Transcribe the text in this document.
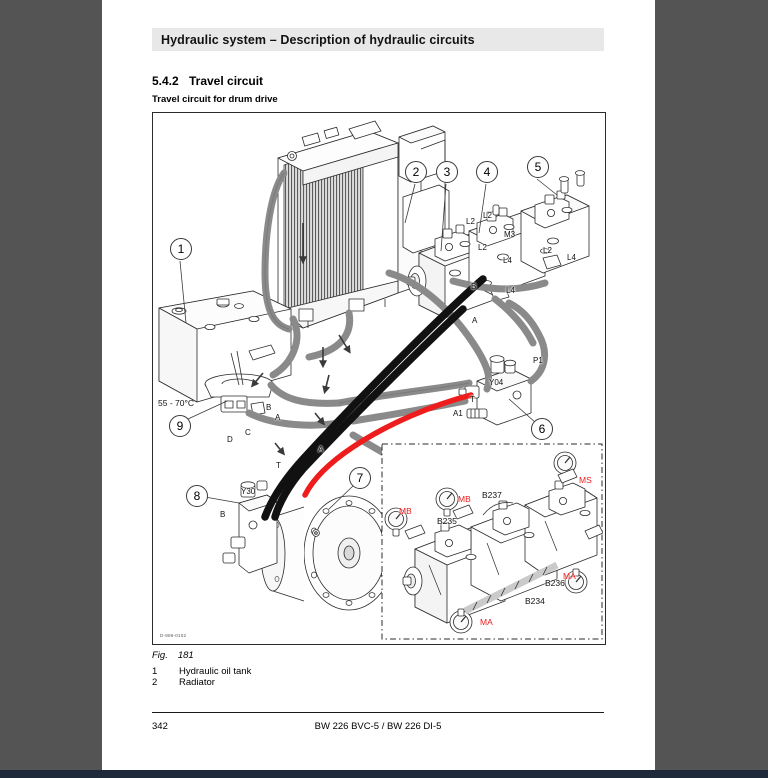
Hydraulic system – Description of hydraulic circuits
5.4.2 Travel circuit
Travel circuit for drum drive
1
2 3	4	5
6
7
8
9
L2
L2
L2	L2
M3
L4
L4
L4
B
A
P1
Y04
T
A1
B
A
C
D
A
T
Y30
B
55 - 70°C
B237
B235
B236
B234
MB
MB
MS
MA
MA
D-886-0102
Fig. 181
1 Hydraulic oil tank
2 Radiator
342	BW 226 BVC-5 / BW 226 DI-5
